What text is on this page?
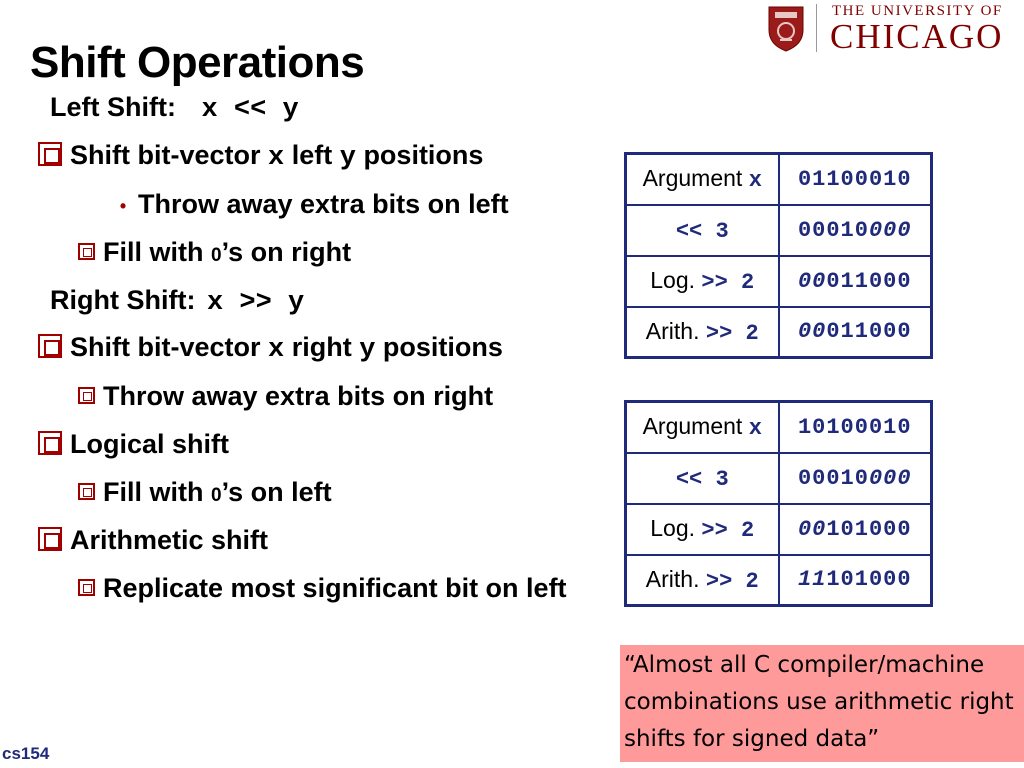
Shift Operations
THE UNIVERSITY OF
CHICAGO
Left Shift: x << y
Shift bit-vector x left y positions
• Throw away extra bits on left
Fill with 0’s on right
Right Shift: x >> y
Shift bit-vector x right y positions
Throw away extra bits on right
Logical shift
Fill with 0’s on left
Arithmetic shift
Replicate most significant bit on left
Argument x	01100010
<< 3	00010000
Log. >> 2	00011000
Arith. >> 2	00011000
Argument x	10100010
<< 3	00010000
Log. >> 2	00101000
Arith. >> 2	11101000
“Almost all C compiler/machine combinations use arithmetic right shifts for signed data”
cs154
